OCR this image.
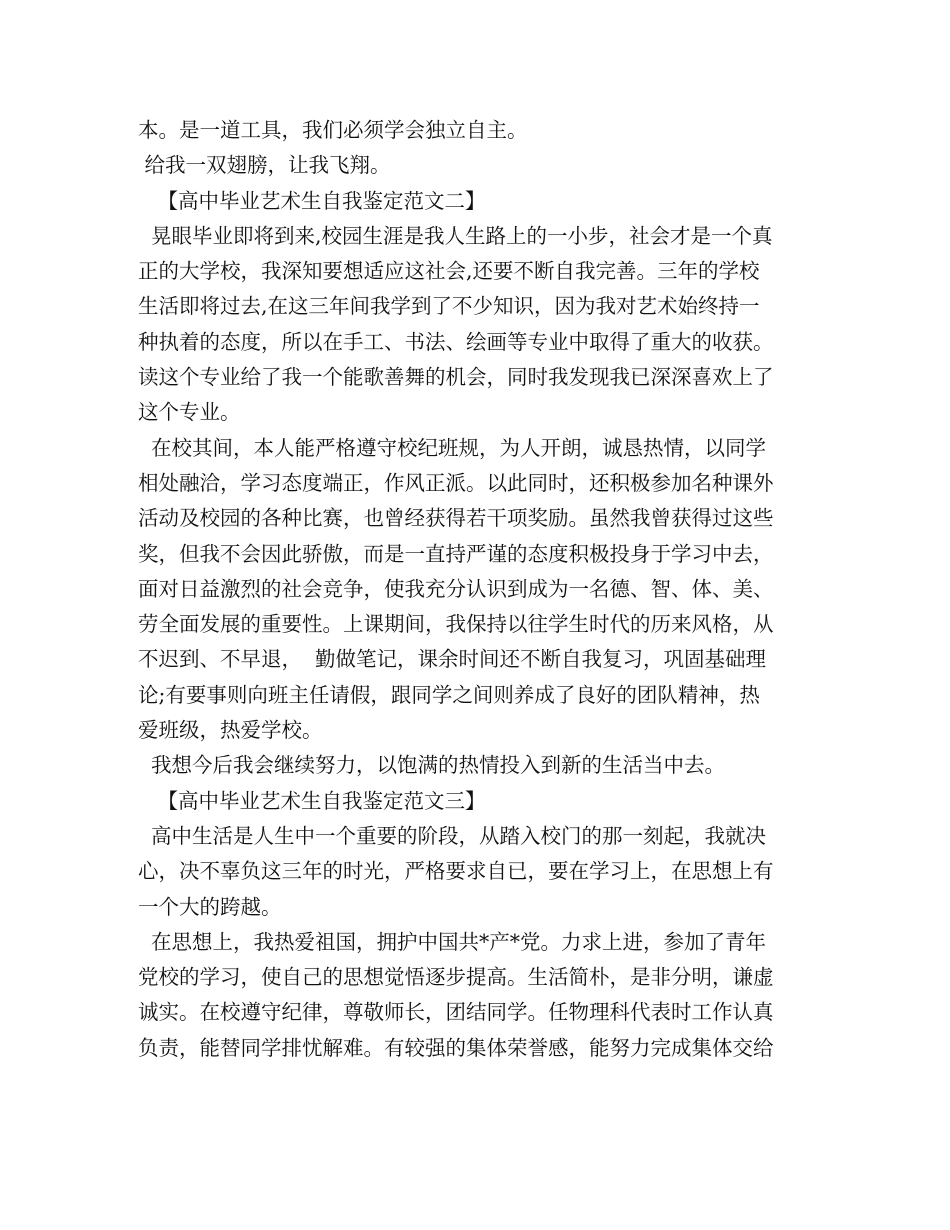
本。是一道工具，我们必须学会独立自主。
给我一双翅膀，让我飞翔。
【高中毕业艺术生自我鉴定范文二】
晃眼毕业即将到来,校园生涯是我人生路上的一小步，社会才是一个真
正的大学校，我深知要想适应这社会,还要不断自我完善。三年的学校
生活即将过去,在这三年间我学到了不少知识，因为我对艺术始终持一
种执着的态度，所以在手工、书法、绘画等专业中取得了重大的收获。
读这个专业给了我一个能歌善舞的机会，同时我发现我已深深喜欢上了
这个专业。
在校其间，本人能严格遵守校纪班规，为人开朗，诚恳热情，以同学
相处融洽，学习态度端正，作风正派。以此同时，还积极参加名种课外
活动及校园的各种比赛，也曾经获得若干项奖励。虽然我曾获得过这些
奖，但我不会因此骄傲，而是一直持严谨的态度积极投身于学习中去，
面对日益激烈的社会竞争，使我充分认识到成为一名德、智、体、美、
劳全面发展的重要性。上课期间，我保持以往学生时代的历来风格，从
不迟到、不早退，  勤做笔记，课余时间还不断自我复习，巩固基础理
论;有要事则向班主任请假，跟同学之间则养成了良好的团队精神，热
爱班级，热爱学校。
我想今后我会继续努力，以饱满的热情投入到新的生活当中去。
【高中毕业艺术生自我鉴定范文三】
高中生活是人生中一个重要的阶段，从踏入校门的那一刻起，我就决
心，决不辜负这三年的时光，严格要求自已，要在学习上，在思想上有
一个大的跨越。
在思想上，我热爱祖国，拥护中国共*产*党。力求上进，参加了青年
党校的学习，使自己的思想觉悟逐步提高。生活简朴，是非分明，谦虚
诚实。在校遵守纪律，尊敬师长，团结同学。任物理科代表时工作认真
负责，能替同学排忧解难。有较强的集体荣誉感，能努力完成集体交给
